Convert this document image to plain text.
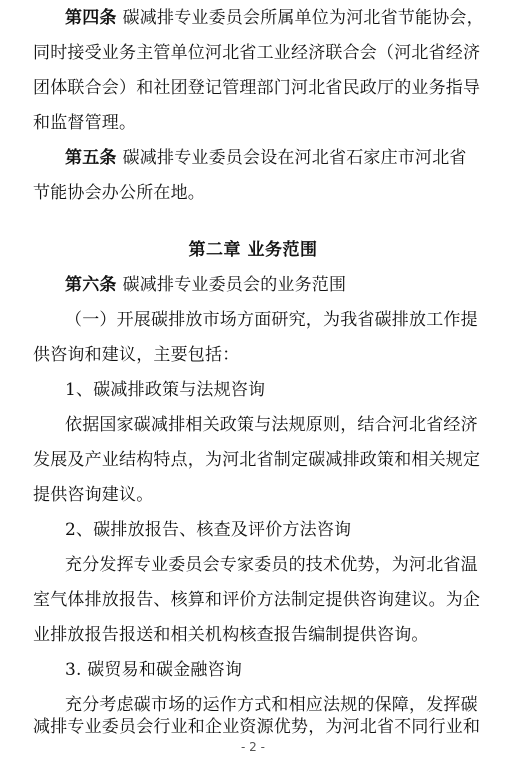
第四条 碳减排专业委员会所属单位为河北省节能协会，
同时接受业务主管单位河北省工业经济联合会（河北省经济
团体联合会）和社团登记管理部门河北省民政厅的业务指导
和监督管理。
第五条 碳减排专业委员会设在河北省石家庄市河北省
节能协会办公所在地。
第二章 业务范围
第六条 碳减排专业委员会的业务范围
（一）开展碳排放市场方面研究，为我省碳排放工作提
供咨询和建议，主要包括：
1、碳减排政策与法规咨询
依据国家碳减排相关政策与法规原则，结合河北省经济
发展及产业结构特点，为河北省制定碳减排政策和相关规定
提供咨询建议。
2、碳排放报告、核查及评价方法咨询
充分发挥专业委员会专家委员的技术优势，为河北省温
室气体排放报告、核算和评价方法制定提供咨询建议。为企
业排放报告报送和相关机构核查报告编制提供咨询。
3. 碳贸易和碳金融咨询
充分考虑碳市场的运作方式和相应法规的保障，发挥碳
减排专业委员会行业和企业资源优势，为河北省不同行业和
- 2 -
